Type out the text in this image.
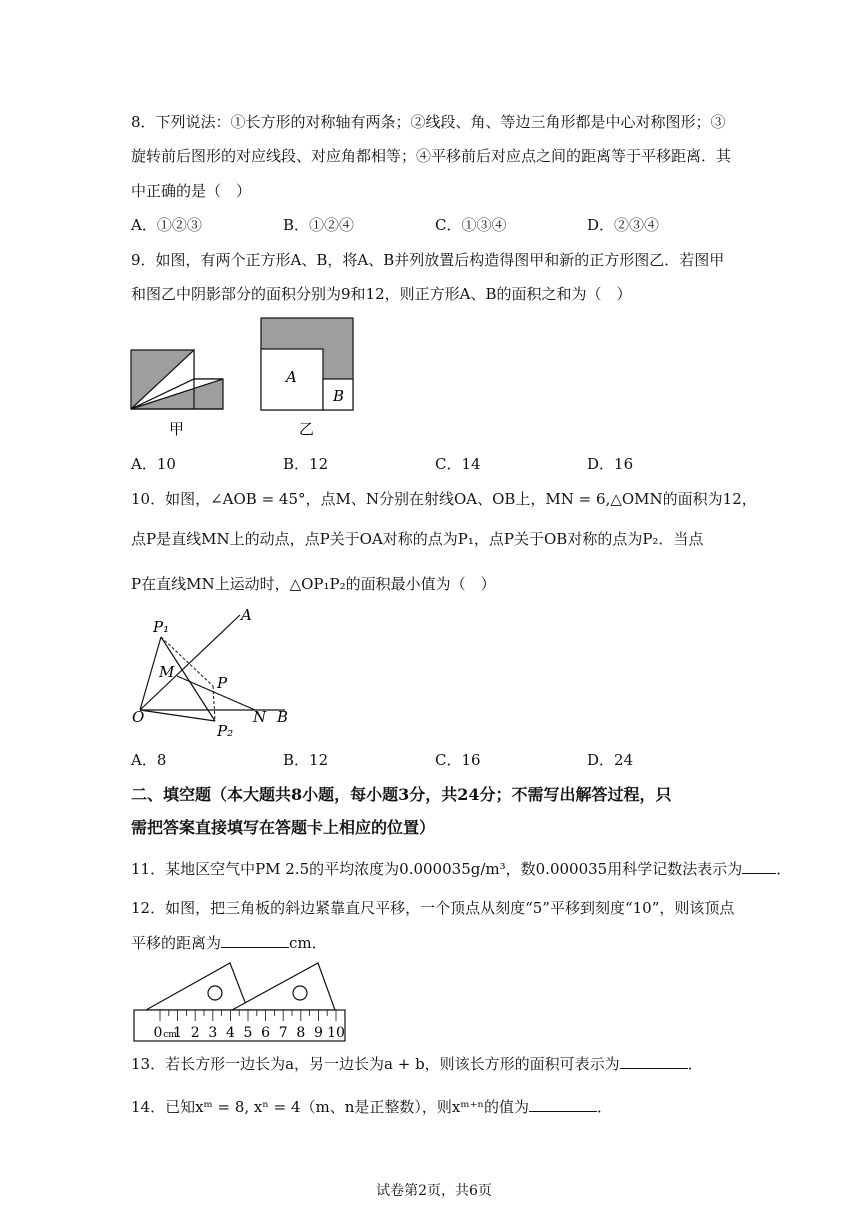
8．下列说法：①长方形的对称轴有两条；②线段、角、等边三角形都是中心对称图形；③
旋转前后图形的对应线段、对应角都相等；④平移前后对应点之间的距离等于平移距离．其
中正确的是（　）
A．①②③	B．①②④	C．①③④	D．②③④
9．如图，有两个正方形A、B，将A、B并列放置后构造得图甲和新的正方形图乙．若图甲
和图乙中阴影部分的面积分别为9和12，则正方形A、B的面积之和为（　）
甲
A
B
乙
A．10	B．12	C．14	D．16
10．如图，∠AOB = 45°，点M、N分别在射线OA、OB上，MN = 6,△OMN的面积为12，
点P是直线MN上的动点，点P关于OA对称的点为P₁，点P关于OB对称的点为P₂．当点
P在直线MN上运动时，△OP₁P₂的面积最小值为（　）
P₁
A
M
P
O	N B
P₂
A．8	B．12	C．16	D．24
二、填空题（本大题共8小题，每小题3分，共24分；不需写出解答过程，只
需把答案直接填写在答题卡上相应的位置）
11．某地区空气中PM 2.5的平均浓度为0.000035g/m³，数0.000035用科学记数法表示为 ．
12．如图，把三角板的斜边紧靠直尺平移，一个顶点从刻度“5”平移到刻度“10”，则该顶点
平移的距离为	cm．
0 cm
1 2 3 4 5 6 7 8 9 10
13．若长方形一边长为a，另一边长为a + b，则该长方形的面积可表示为	．
14．已知xᵐ = 8, xⁿ = 4（m、n是正整数），则xᵐ⁺ⁿ的值为	．
试卷第2页，共6页
